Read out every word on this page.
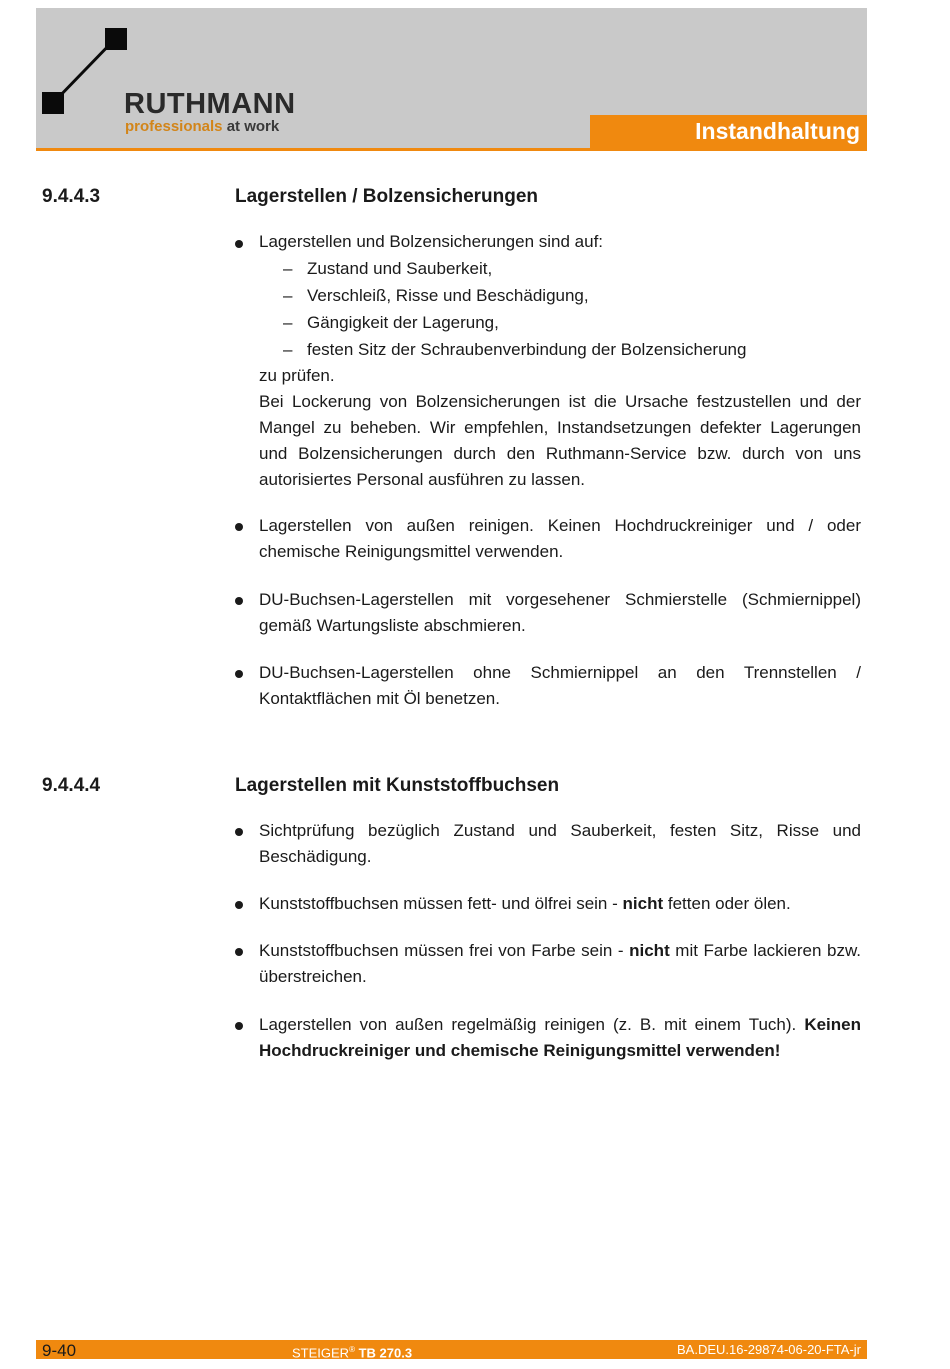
RUTHMANN
professionals at work	Instandhaltung
9.4.4.3	Lagerstellen / Bolzensicherungen
Lagerstellen und Bolzensicherungen sind auf:
– Zustand und Sauberkeit,
– Verschleiß, Risse und Beschädigung,
– Gängigkeit der Lagerung,
– festen Sitz der Schraubenverbindung der Bolzensicherung
zu prüfen.
Bei Lockerung von Bolzensicherungen ist die Ursache festzustellen und der Mangel zu beheben. Wir empfehlen, Instandsetzungen defekter Lagerungen und Bolzensicherungen durch den Ruthmann-Service bzw. durch von uns autorisiertes Personal ausführen zu lassen.
Lagerstellen von außen reinigen. Keinen Hochdruckreiniger und / oder chemische Reinigungsmittel verwenden.
DU-Buchsen-Lagerstellen mit vorgesehener Schmierstelle (Schmiernippel) gemäß Wartungsliste abschmieren.
DU-Buchsen-Lagerstellen ohne Schmiernippel an den Trennstellen / Kontaktflächen mit Öl benetzen.
9.4.4.4	Lagerstellen mit Kunststoffbuchsen
Sichtprüfung bezüglich Zustand und Sauberkeit, festen Sitz, Risse und Beschädigung.
Kunststoffbuchsen müssen fett- und ölfrei sein - nicht fetten oder ölen.
Kunststoffbuchsen müssen frei von Farbe sein - nicht mit Farbe lackieren bzw. überstreichen.
Lagerstellen von außen regelmäßig reinigen (z. B. mit einem Tuch). Keinen Hochdruckreiniger und chemische Reinigungsmittel verwenden!
9-40	STEIGER® TB 270.3	BA.DEU.16-29874-06-20-FTA-jr
